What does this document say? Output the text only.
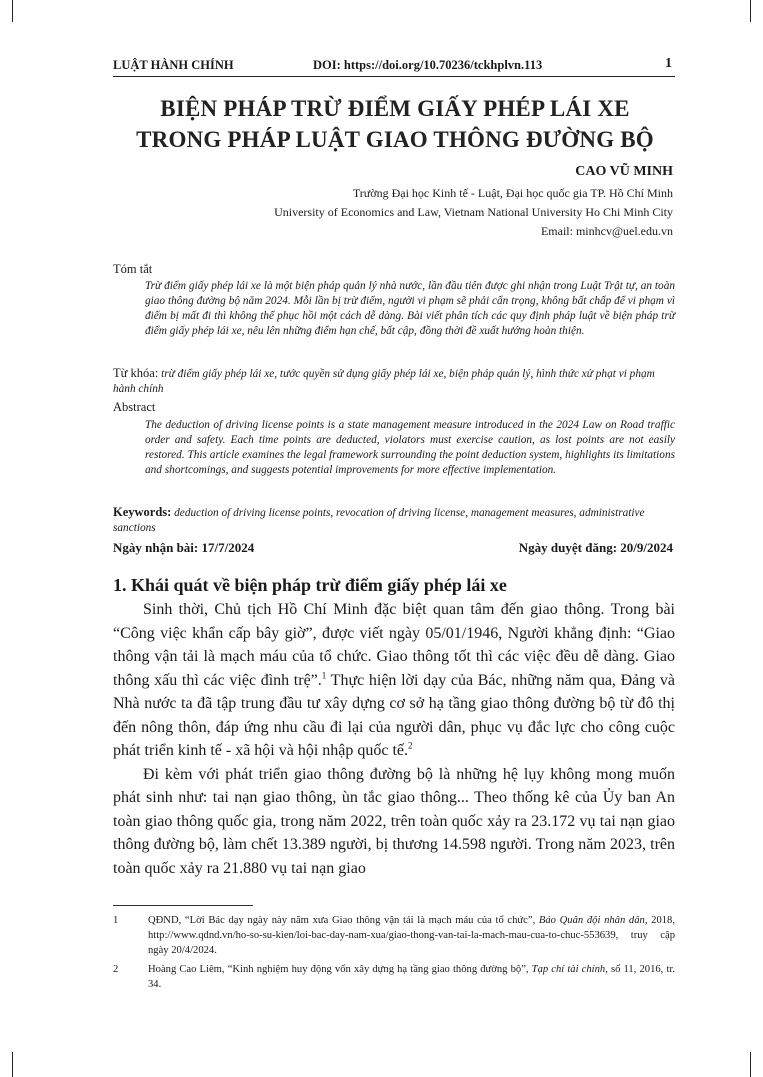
LUẬT HÀNH CHÍNH	DOI: https://doi.org/10.70236/tckhplvn.113	1
BIỆN PHÁP TRỪ ĐIỂM GIẤY PHÉP LÁI XE
TRONG PHÁP LUẬT GIAO THÔNG ĐƯỜNG BỘ
CAO VŨ MINH
Trường Đại học Kinh tế - Luật, Đại học quốc gia TP. Hồ Chí Minh
University of Economics and Law, Vietnam National University Ho Chi Minh City
Email: minhcv@uel.edu.vn
Tóm tắt
Trừ điểm giấy phép lái xe là một biện pháp quản lý nhà nước, lần đầu tiên được ghi nhận trong Luật Trật tự, an toàn giao thông đường bộ năm 2024. Mỗi lần bị trừ điểm, người vi phạm sẽ phải cẩn trọng, không bất chấp để vi phạm vì điểm bị mất đi thì không thể phục hồi một cách dễ dàng. Bài viết phân tích các quy định pháp luật về biện pháp trừ điểm giấy phép lái xe, nêu lên những điểm hạn chế, bất cập, đồng thời đề xuất hướng hoàn thiện.
Từ khóa: trừ điểm giấy phép lái xe, tước quyền sử dụng giấy phép lái xe, biện pháp quản lý, hình thức xử phạt vi phạm hành chính
Abstract
The deduction of driving license points is a state management measure introduced in the 2024 Law on Road traffic order and safety. Each time points are deducted, violators must exercise caution, as lost points are not easily restored. This article examines the legal framework surrounding the point deduction system, highlights its limitations and shortcomings, and suggests potential improvements for more effective implementation.
Keywords: deduction of driving license points, revocation of driving license, management measures, administrative sanctions
Ngày nhận bài: 17/7/2024	Ngày duyệt đăng: 20/9/2024
1. Khái quát về biện pháp trừ điểm giấy phép lái xe

Sinh thời, Chủ tịch Hồ Chí Minh đặc biệt quan tâm đến giao thông. Trong bài “Công việc khẩn cấp bây giờ”, được viết ngày 05/01/1946, Người khẳng định: “Giao thông vận tải là mạch máu của tổ chức. Giao thông tốt thì các việc đều dễ dàng. Giao thông xấu thì các việc đình trệ”.$^1$ Thực hiện lời dạy của Bác, những năm qua, Đảng và Nhà nước ta đã tập trung đầu tư xây dựng cơ sở hạ tầng giao thông đường bộ từ đô thị đến nông thôn, đáp ứng nhu cầu đi lại của người dân, phục vụ đắc lực cho công cuộc phát triển kinh tế - xã hội và hội nhập quốc tế.$^2$

Đi kèm với phát triển giao thông đường bộ là những hệ lụy không mong muốn phát sinh như: tai nạn giao thông, ùn tắc giao thông... Theo thống kê của Ủy ban An toàn giao thông quốc gia, trong năm 2022, trên toàn quốc xảy ra 23.172 vụ tai nạn giao thông đường bộ, làm chết 13.389 người, bị thương 14.598 người. Trong năm 2023, trên toàn quốc xảy ra 21.880 vụ tai nạn giao

1	QĐND, “Lời Bác dạy ngày này năm xưa Giao thông vận tải là mạch máu của tổ chức”, Báo Quân đội nhân dân, 2018, http://www.qdnd.vn/ho-so-su-kien/loi-bac-day-nam-xua/giao-thong-van-tai-la-mach-mau-cua-to-chuc-553639, truy cập ngày 20/4/2024.
2	Hoàng Cao Liêm, “Kinh nghiệm huy động vốn xây dựng hạ tầng giao thông đường bộ”, Tạp chí tài chính, số 11, 2016, tr. 34.
